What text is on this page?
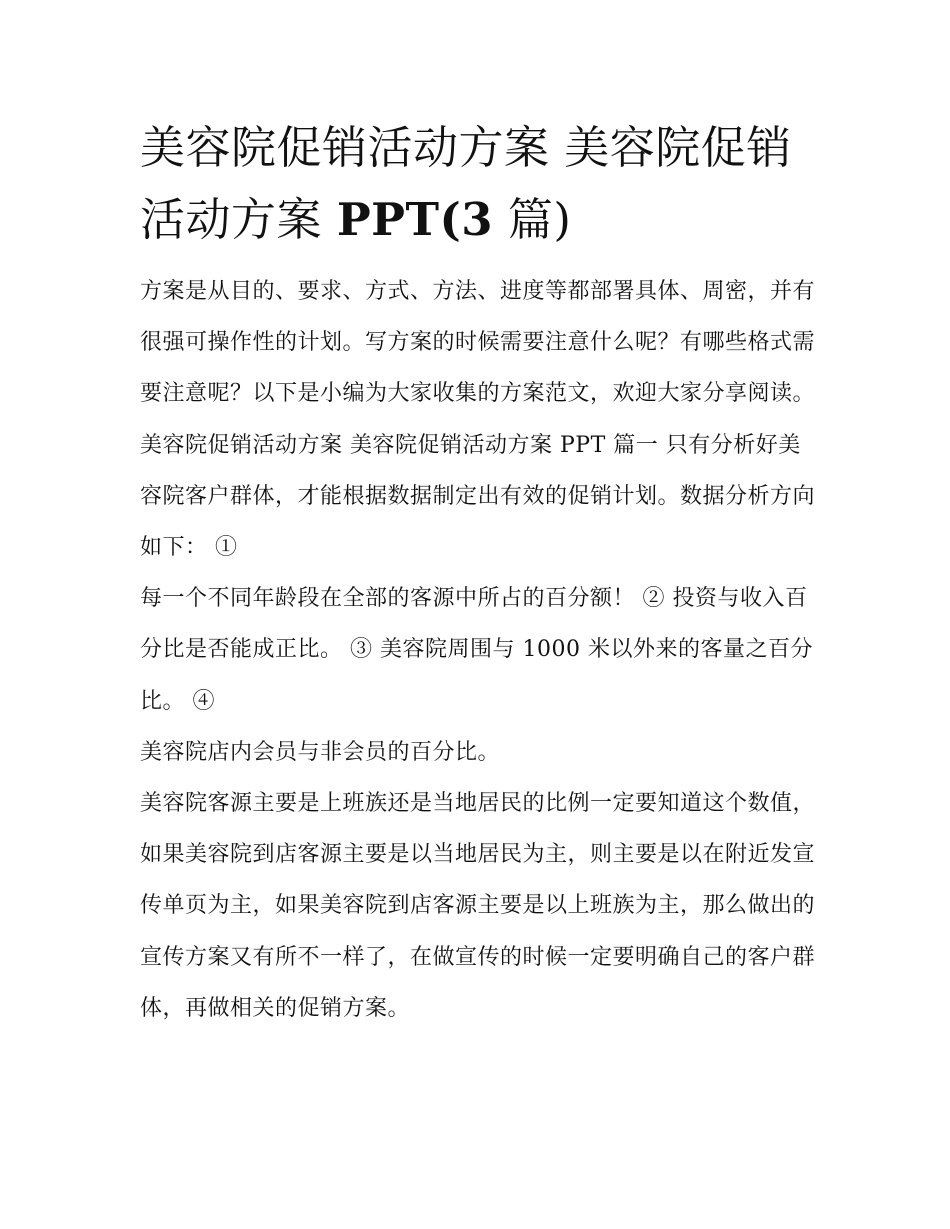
美容院促销活动方案 美容院促销活动方案 PPT(3 篇)

方案是从目的、要求、方式、方法、进度等都部署具体、周密，并有很强可操作性的计划。写方案的时候需要注意什么呢？有哪些格式需要注意呢？以下是小编为大家收集的方案范文，欢迎大家分享阅读。

美容院促销活动方案 美容院促销活动方案 PPT 篇一 只有分析好美容院客户群体，才能根据数据制定出有效的促销计划。数据分析方向如下： ①

每一个不同年龄段在全部的客源中所占的百分额！ ② 投资与收入百分比是否能成正比。 ③ 美容院周围与 1000 米以外来的客量之百分比。 ④

美容院店内会员与非会员的百分比。

美容院客源主要是上班族还是当地居民的比例一定要知道这个数值，如果美容院到店客源主要是以当地居民为主，则主要是以在附近发宣传单页为主，如果美容院到店客源主要是以上班族为主，那么做出的宣传方案又有所不一样了，在做宣传的时候一定要明确自己的客户群体，再做相关的促销方案。
